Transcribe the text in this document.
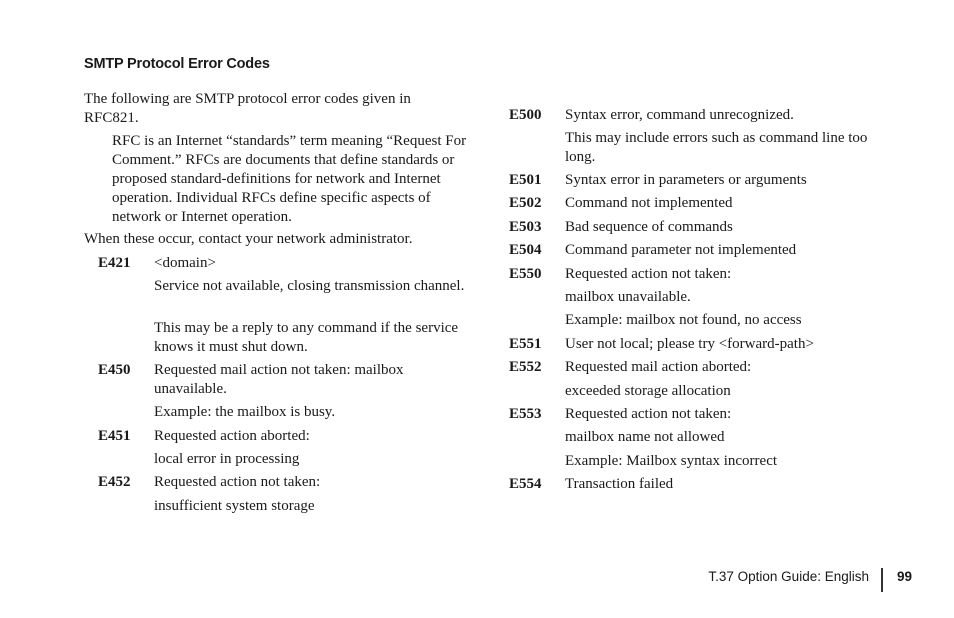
SMTP Protocol Error Codes
The following are SMTP protocol error codes given in RFC821.
RFC is an Internet “standards” term meaning “Request For Comment.” RFCs are documents that define standards or proposed standard-definitions for network and Internet operation. Individual RFCs define specific aspects of network or Internet operation.
When these occur, contact your network administrator.
E421 <domain>
Service not available, closing transmission channel.
This may be a reply to any command if the service knows it must shut down.
E450 Requested mail action not taken: mailbox unavailable.
Example: the mailbox is busy.
E451 Requested action aborted:
local error in processing
E452 Requested action not taken:
insufficient system storage
E500 Syntax error, command unrecognized.
This may include errors such as command line too long.
E501 Syntax error in parameters or arguments
E502 Command not implemented
E503 Bad sequence of commands
E504 Command parameter not implemented
E550 Requested action not taken:
mailbox unavailable.
Example: mailbox not found, no access
E551 User not local; please try <forward-path>
E552 Requested mail action aborted:
exceeded storage allocation
E553 Requested action not taken:
mailbox name not allowed
Example: Mailbox syntax incorrect
E554 Transaction failed
T.37 Option Guide: English 99
